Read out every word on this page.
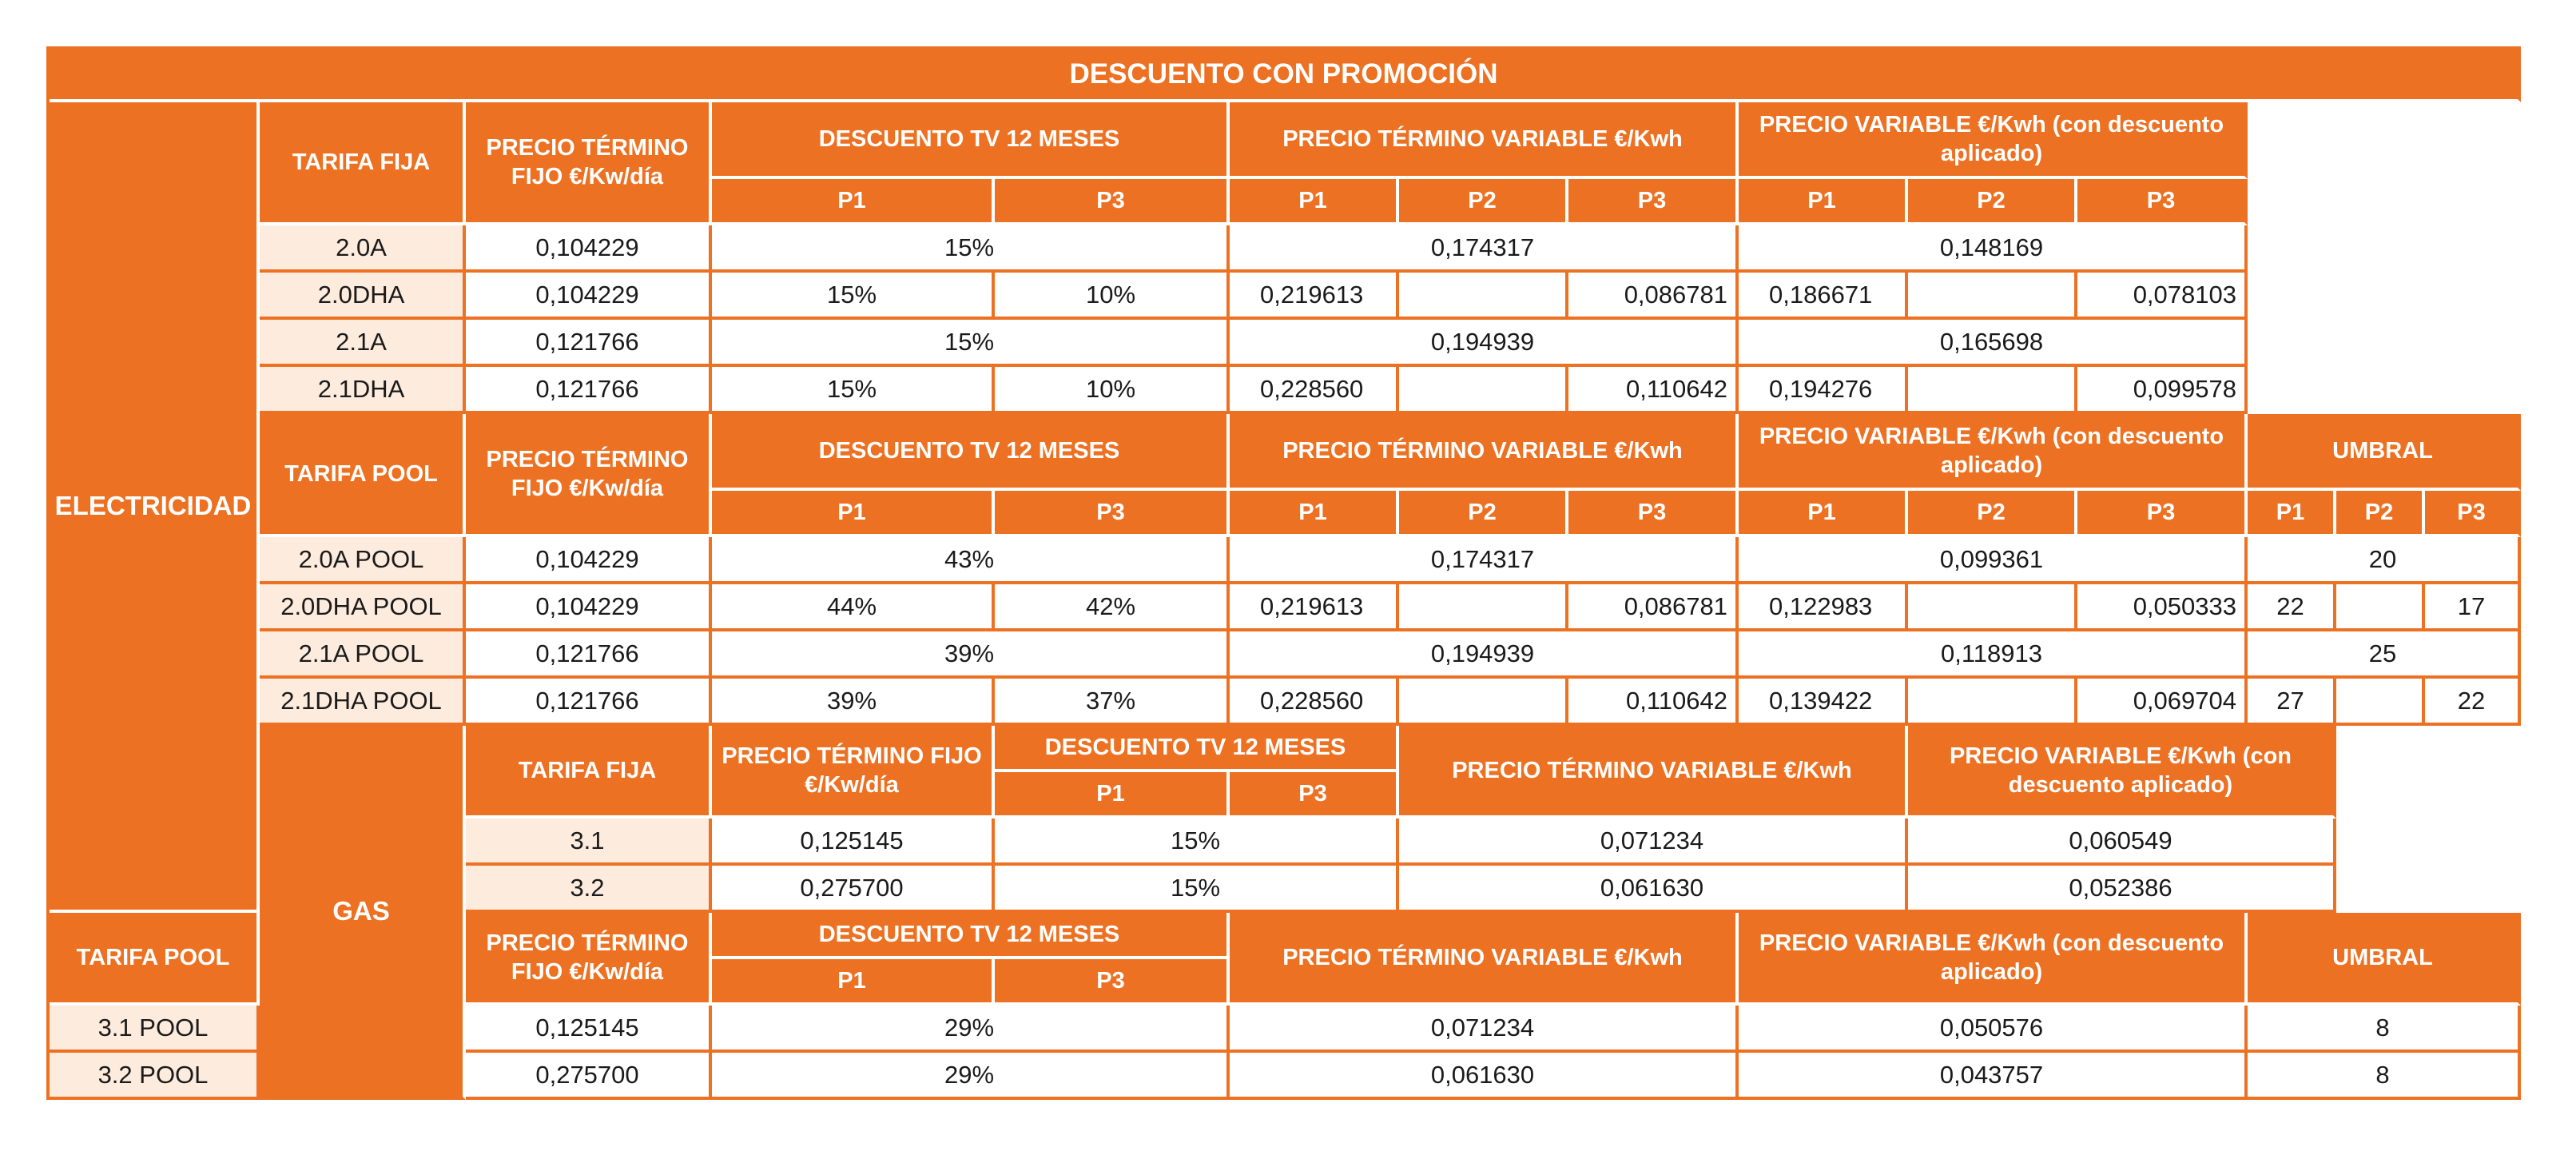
DESCUENTO CON PROMOCIÓN													
ELECTRICIDAD	TARIFA FIJA	PRECIO TÉRMINO FIJO €/Kw/día	DESCUENTO TV 12 MESES		PRECIO TÉRMINO VARIABLE €/Kwh			PRECIO VARIABLE €/Kwh (con descuento aplicado)					
			P1	P3	P1	P2	P3	P1	P2	P3			
	2.0A	0,104229	15%		0,174317			0,148169					
	2.0DHA	0,104229	15%	10%	0,219613		0,086781	0,186671		0,078103			
	2.1A	0,121766	15%		0,194939			0,165698					
	2.1DHA	0,121766	15%	10%	0,228560		0,110642	0,194276		0,099578			
	TARIFA POOL	PRECIO TÉRMINO FIJO €/Kw/día	DESCUENTO TV 12 MESES		PRECIO TÉRMINO VARIABLE €/Kwh			PRECIO VARIABLE €/Kwh (con descuento aplicado)			UMBRAL		
			P1	P3	P1	P2	P3	P1	P2	P3	P1	P2	P3
	2.0A POOL	0,104229	43%		0,174317			0,099361			20		
	2.0DHA POOL	0,104229	44%	42%	0,219613		0,086781	0,122983		0,050333	22		17
	2.1A POOL	0,121766	39%		0,194939			0,118913			25		
	2.1DHA POOL	0,121766	39%	37%	0,228560		0,110642	0,139422		0,069704	27		22
	GAS	TARIFA FIJA	PRECIO TÉRMINO FIJO €/Kw/día	DESCUENTO TV 12 MESES		PRECIO TÉRMINO VARIABLE €/Kwh			PRECIO VARIABLE €/Kwh (con descuento aplicado)				
				P1	P3								
		3.1	0,125145	15%		0,071234			0,060549				
		3.2	0,275700	15%		0,061630			0,052386				
TARIFA POOL		PRECIO TÉRMINO FIJO €/Kw/día	DESCUENTO TV 12 MESES		PRECIO TÉRMINO VARIABLE €/Kwh			PRECIO VARIABLE €/Kwh (con descuento aplicado)			UMBRAL		
			P1	P3									
3.1 POOL		0,125145	29%		0,071234			0,050576			8		
3.2 POOL		0,275700	29%		0,061630			0,043757			8		
